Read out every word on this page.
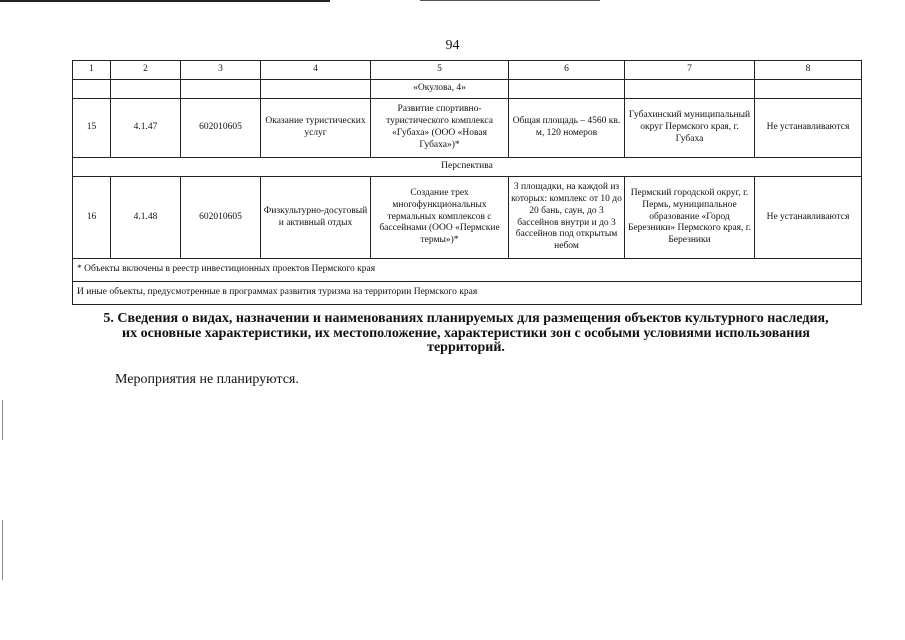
94
1	2	3	4	5	6	7	8
				«Окулова, 4»			
15	4.1.47	602010605	Оказание туристических услуг	Развитие спортивно-туристического комплекса «Губаха» (ООО «Новая Губаха»)*	Общая площадь – 4560 кв. м, 120 номеров	Губахинский муниципальный округ Пермского края, г. Губаха	Не устанавливаются
Перспектива							
16	4.1.48	602010605	Физкультурно-досуговый и активный отдых	Создание трех многофункциональных термальных комплексов с бассейнами (ООО «Пермские термы»)*	3 площадки, на каждой из которых: комплекс от 10 до 20 бань, саун, до 3 бассейнов внутри и до 3 бассейнов под открытым небом	Пермский городской округ, г. Пермь, муниципальное образование «Город Березники» Пермского края, г. Березники	Не устанавливаются
* Объекты включены в реестр инвестиционных проектов Пермского края							
И иные объекты, предусмотренные в программах развития туризма на территории Пермского края							
5. Сведения о видах, назначении и наименованиях планируемых для размещения объектов культурного наследия, их основные характеристики, их местоположение, характеристики зон с особыми условиями использования территорий.
Мероприятия не планируются.
